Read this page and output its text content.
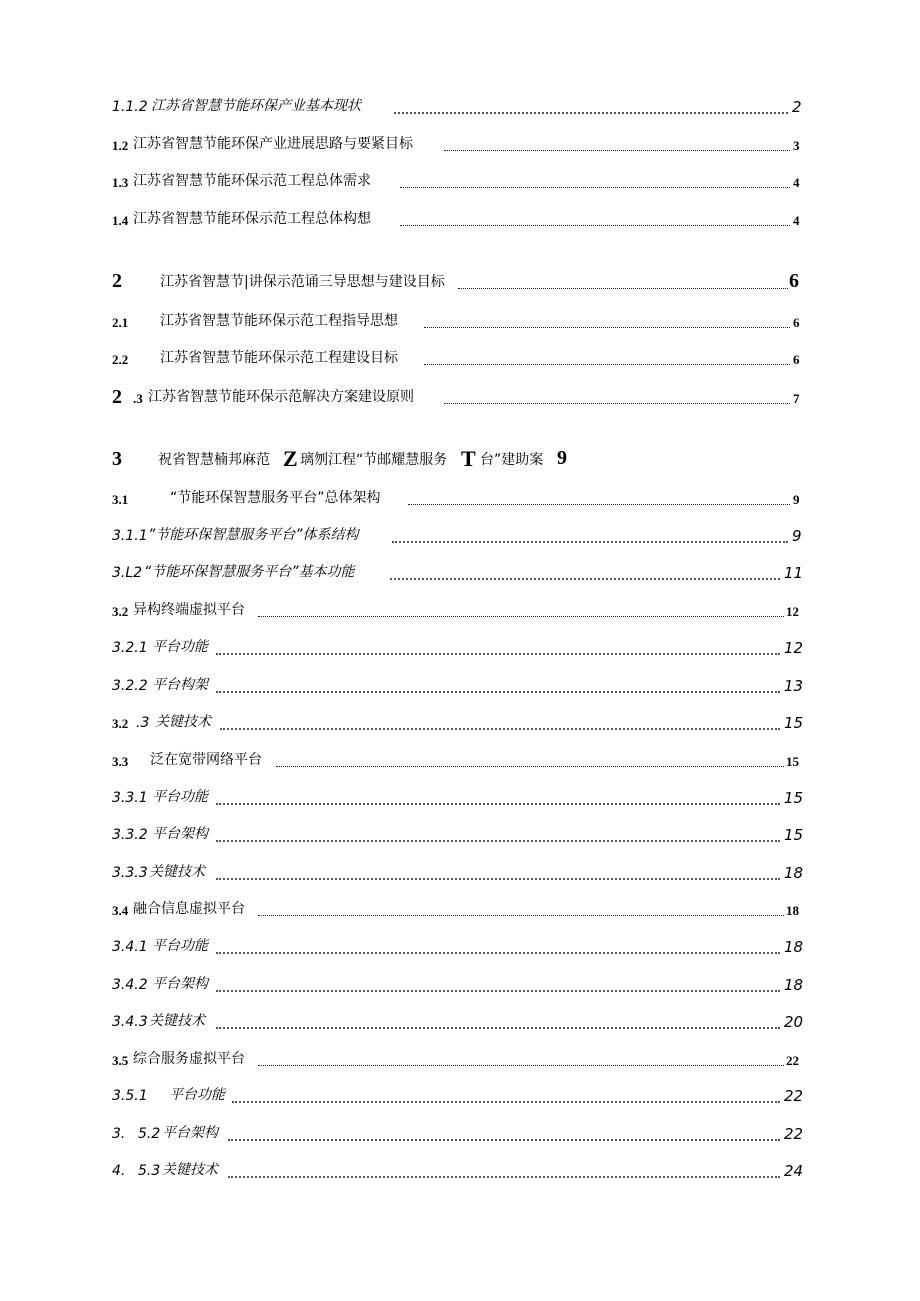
1.1.2 江苏省智慧节能环保产业基本现状	2
1.2 江苏省智慧节能环保产业进展思路与要紧目标	3
1.3 江苏省智慧节能环保示范工程总体需求	4
1.4 江苏省智慧节能环保示范工程总体构想	4
2	江苏省智慧节|讲保示范诵三导思想与建设目标	6
2.1 江苏省智慧节能环保示范工程指导思想	6
2.2 江苏省智慧节能环保示范工程建设目标	6
2 .3 江苏省智慧节能环保示范解决方案建设原则	7
3	祝省智慧楠邦麻范 Z 璃刎江程“节邮耀慧服务 T 台”建助案 9
3.1	“节能环保智慧服务平台”总体架构	9
3.1.1 ”节能环保智慧服务平台”体系结构	9
3.L2 “节能环保智慧服务平台”基本功能	11
3.2 异构终端虚拟平台	12
3.2.1 平台功能	12
3.2.2 平台构架	13
3.2 .3 关键技术	15
3.3 泛在宽带网络平台	15
3.3.1 平台功能	15
3.3.2 平台架构	15
3.3.3 关键技术	18
3.4 融合信息虚拟平台	18
3.4.1 平台功能	18
3.4.2 平台架构	18
3.4.3 关键技术	20
3.5 综合服务虚拟平台	22
3.5.1 平台功能	22
3. 5.2 平台架构	22
4. 5.3 关键技术	24
